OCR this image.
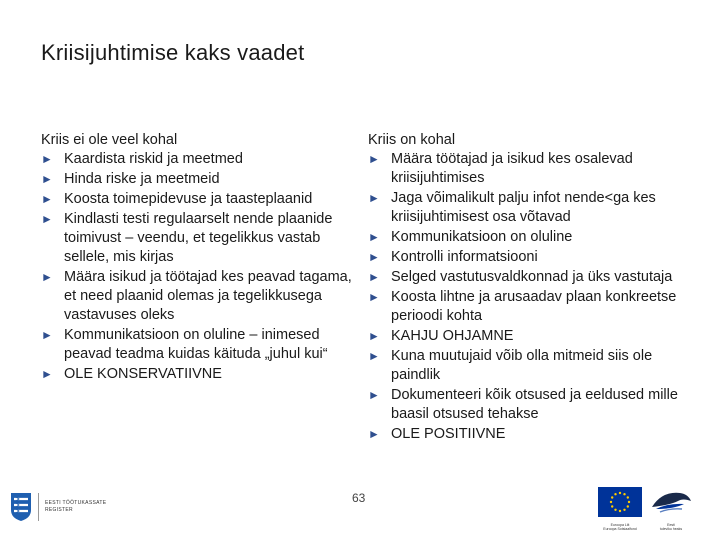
Kriisijuhtimise kaks vaadet

Kriis ei ole veel kohal

► Kaardista riskid ja meetmed
► Hinda riske ja meetmeid
► Koosta toimepidevuse ja taasteplaanid
► Kindlasti testi regulaarselt nende plaanide toimivust – veendu, et tegelikkus vastab sellele, mis kirjas
► Määra isikud ja töötajad kes peavad tagama, et need plaanid olemas ja tegelikkusega vastavuses oleks
► Kommunikatsioon on oluline – inimesed peavad teadma kuidas käituda „juhul kui“
► OLE KONSERVATIIVNE

Kriis on kohal

► Määra töötajad ja isikud kes osalevad kriisijuhtimises
► Jaga võimalikult palju infot nende<ga kes kriisijuhtimisest osa võtavad
► Kommunikatsioon on oluline
► Kontrolli informatsiooni
► Selged vastutusvaldkonnad ja üks vastutaja
► Koosta lihtne ja arusaadav plaan konkreetse perioodi kohta
► KAHJU OHJAMNE
► Kuna muutujaid võib olla mitmeid siis ole paindlik
► Dokumenteeri kõik otsused ja eeldused mille baasil otsused tehakse
► OLE POSITIIVNE
63
EESTI TÖÖTUKASSATE
REGISTER
Euroopa Liit
Euroopa Sotsiaalfond
Eesti
tuleviku heaks
